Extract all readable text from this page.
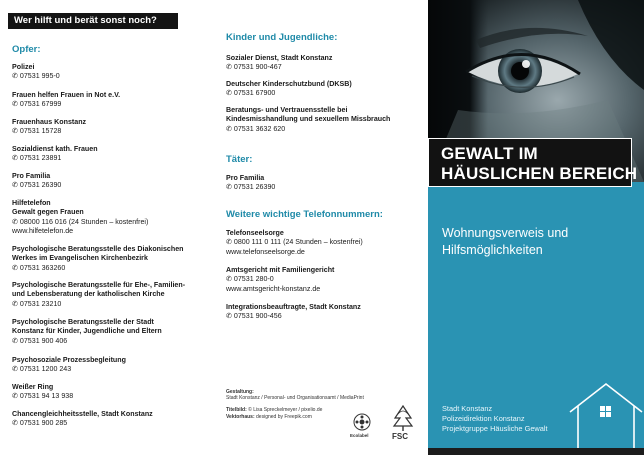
Wer hilft und berät sonst noch?
Opfer:
Polizei
✆ 07531 995-0
Frauen helfen Frauen in Not e.V.
✆ 07531 67999
Frauenhaus Konstanz
✆ 07531 15728
Sozialdienst kath. Frauen
✆ 07531 23891
Pro Familia
✆ 07531 26390
Hilfetelefon
Gewalt gegen Frauen
✆ 08000 116 016 (24 Stunden – kostenfrei)
www.hilfetelefon.de
Psychologische Beratungsstelle des Diakonischen
Werkes im Evangelischen Kirchenbezirk
✆ 07531 363260
Psychologische Beratungsstelle für Ehe-, Familien-
und Lebensberatung der katholischen Kirche
✆ 07531 23210
Psychologische Beratungsstelle der Stadt
Konstanz für Kinder, Jugendliche und Eltern
✆ 07531 900 406
Psychosoziale Prozessbegleitung
✆ 07531 1200 243
Weißer Ring
✆ 07531 94 13 938
Chancengleichheitsstelle, Stadt Konstanz
✆ 07531 900 285
Kinder und Jugendliche:
Sozialer Dienst, Stadt Konstanz
✆ 07531 900-467
Deutscher Kinderschutzbund (DKSB)
✆ 07531 67900
Beratungs- und Vertrauensstelle bei
Kindesmisshandlung und sexuellem Missbrauch
✆ 07531 3632 620
Täter:
Pro Familia
✆ 07531 26390
Weitere wichtige Telefonnummern:
Telefonseelsorge
✆ 0800 111 0 111 (24 Stunden – kostenfrei)
www.telefonseelsorge.de
Amtsgericht mit Familiengericht
✆ 07531 280-0
www.amtsgericht-konstanz.de
Integrationsbeauftragte, Stadt Konstanz
✆ 07531 900-456
Gestaltung:
Stadt Konstanz / Personal- und Organisationsamt / MediaPrint
Titelbild: © Lisa Spreckelmeyer / pixelio.de
Vektorhaus: designed by Freepik.com
Ecolabel	FSC
GEWALT IM
HÄUSLICHEN BEREICH
Wohnungsverweis und
Hilfsmöglichkeiten
Stadt Konstanz
Polizeidirektion Konstanz
Projektgruppe Häusliche Gewalt
